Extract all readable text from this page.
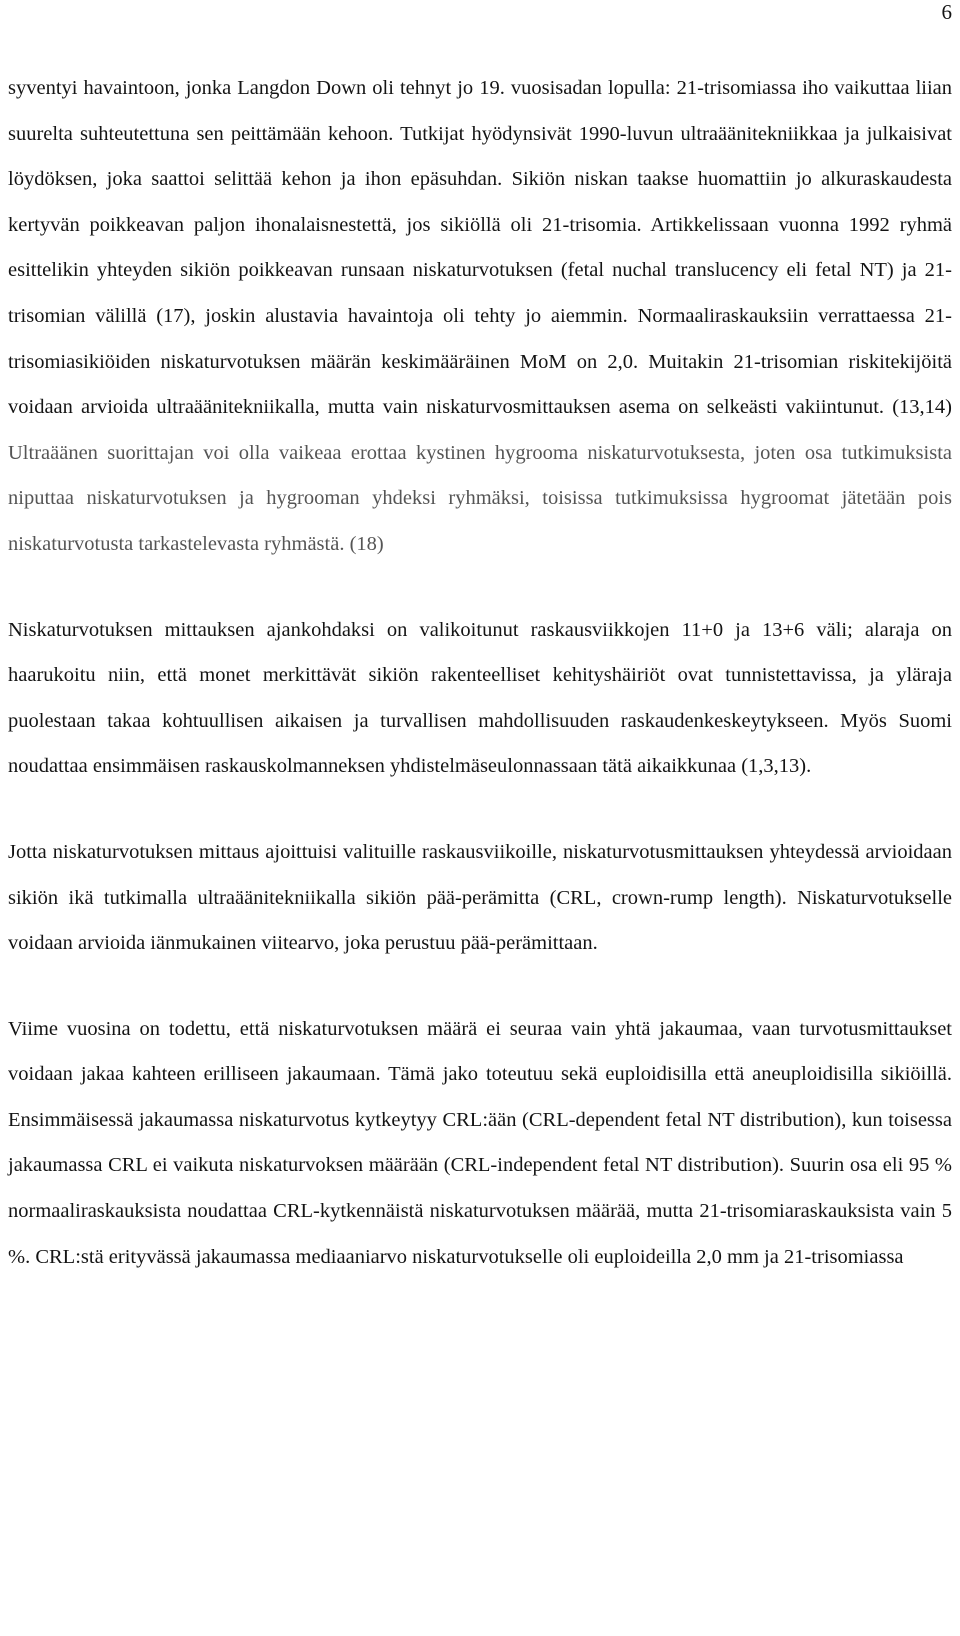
6

syventyi havaintoon, jonka Langdon Down oli tehnyt jo 19. vuosisadan lopulla: 21-trisomiassa iho vaikuttaa liian suurelta suhteutettuna sen peittämään kehoon. Tutkijat hyödynsivät 1990-luvun ultraäänitekniikkaa ja julkaisivat löydöksen, joka saattoi selittää kehon ja ihon epäsuhdan. Sikiön niskan taakse huomattiin jo alkuraskaudesta kertyvän poikkeavan paljon ihonalaisnestettä, jos sikiöllä oli 21-trisomia. Artikkelissaan vuonna 1992 ryhmä esittelikin yhteyden sikiön poikkeavan runsaan niskaturvotuksen (fetal nuchal translucency eli fetal NT) ja 21-trisomian välillä (17), joskin alustavia havaintoja oli tehty jo aiemmin. Normaaliraskauksiin verrattaessa 21-trisomiasikiöiden niskaturvotuksen määrän keskimääräinen MoM on 2,0. Muitakin 21-trisomian riskitekijöitä voidaan arvioida ultraäänitekniikalla, mutta vain niskaturvosmittauksen asema on selkeästi vakiintunut. (13,14) Ultraäänen suorittajan voi olla vaikeaa erottaa kystinen hygrooma niskaturvotuksesta, joten osa tutkimuksista niputtaa niskaturvotuksen ja hygrooman yhdeksi ryhmäksi, toisissa tutkimuksissa hygroomat jätetään pois niskaturvotusta tarkastelevasta ryhmästä. (18)

Niskaturvotuksen mittauksen ajankohdaksi on valikoitunut raskausviikkojen 11+0 ja 13+6 väli; alaraja on haarukoitu niin, että monet merkittävät sikiön rakenteelliset kehityshäiriöt ovat tunnistettavissa, ja yläraja puolestaan takaa kohtuullisen aikaisen ja turvallisen mahdollisuuden raskaudenkeskeytykseen. Myös Suomi noudattaa ensimmäisen raskauskolmanneksen yhdistelmäseulonnassaan tätä aikaikkunaa (1,3,13).

Jotta niskaturvotuksen mittaus ajoittuisi valituille raskausviikoille, niskaturvotusmittauksen yhteydessä arvioidaan sikiön ikä tutkimalla ultraäänitekniikalla sikiön pää-perämitta (CRL, crown-rump length). Niskaturvotukselle voidaan arvioida iänmukainen viitearvo, joka perustuu pää-perämittaan.

Viime vuosina on todettu, että niskaturvotuksen määrä ei seuraa vain yhtä jakaumaa, vaan turvotusmittaukset voidaan jakaa kahteen erilliseen jakaumaan. Tämä jako toteutuu sekä euploidisilla että aneuploidisilla sikiöillä. Ensimmäisessä jakaumassa niskaturvotus kytkeytyy CRL:ään (CRL-dependent fetal NT distribution), kun toisessa jakaumassa CRL ei vaikuta niskaturvoksen määrään (CRL-independent fetal NT distribution). Suurin osa eli 95 % normaaliraskauksista noudattaa CRL-kytkennäistä niskaturvotuksen määrää, mutta 21-trisomiaraskauksista vain 5 %. CRL:stä erityvässä jakaumassa mediaaniarvo niskaturvotukselle oli euploideilla 2,0 mm ja 21-trisomiassa
